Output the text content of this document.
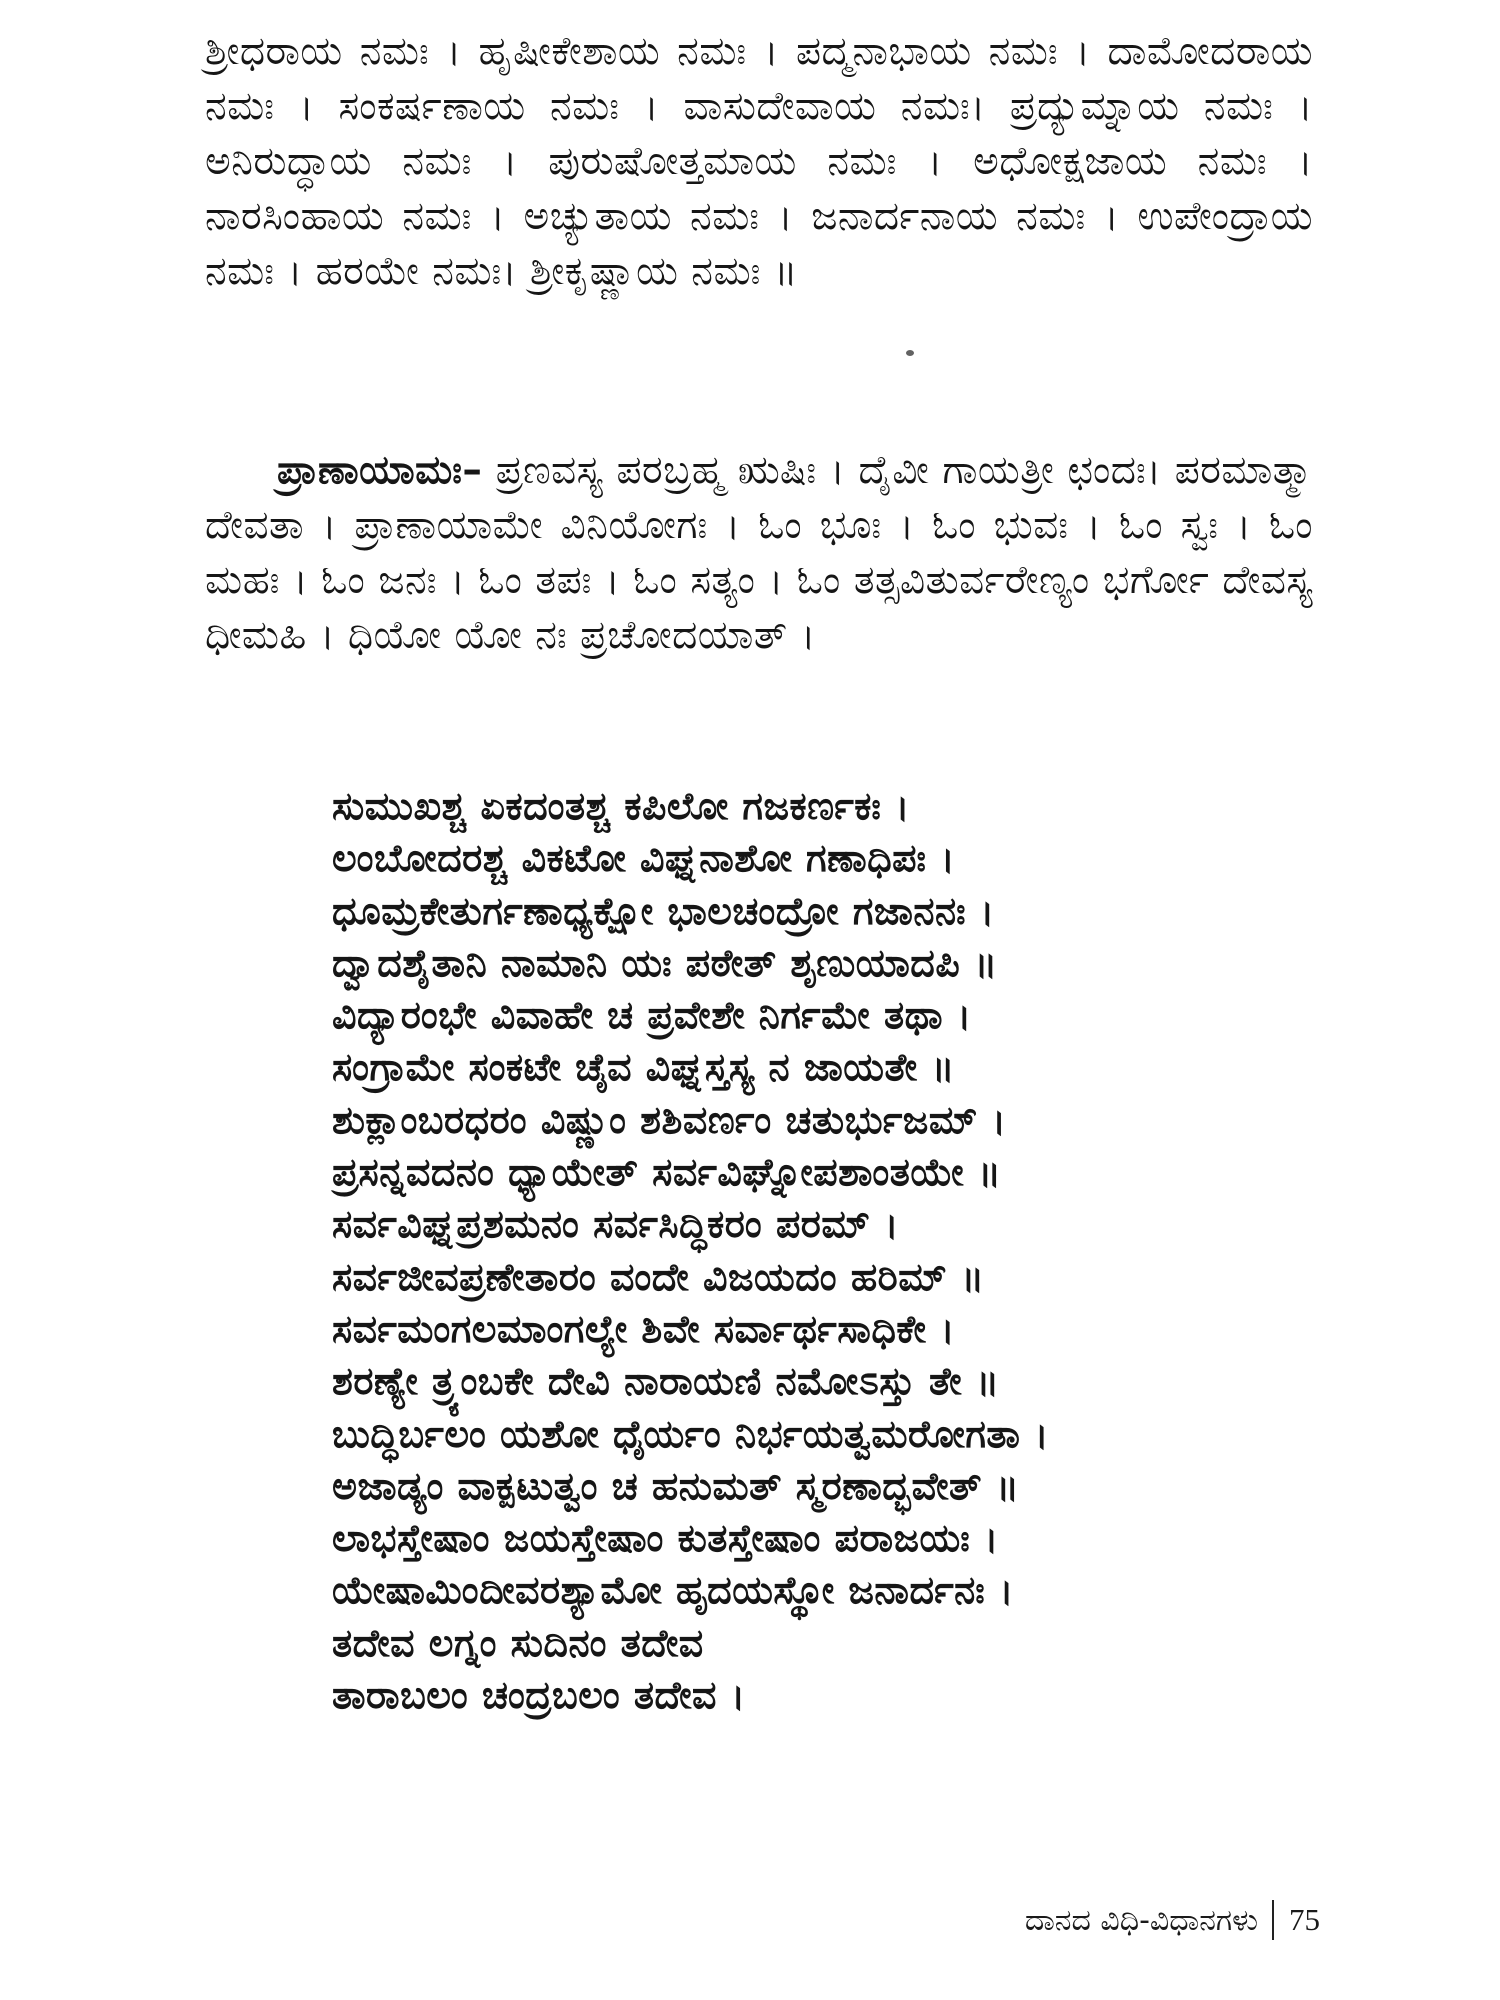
ಶ್ರೀಧರಾಯ ನಮಃ । ಹೃಷೀಕೇಶಾಯ ನಮಃ । ಪದ್ಮನಾಭಾಯ ನಮಃ । ದಾಮೋದರಾಯ ನಮಃ । ಸಂಕರ್ಷಣಾಯ ನಮಃ । ವಾಸುದೇವಾಯ ನಮಃ। ಪ್ರದ್ಯುಮ್ನಾಯ ನಮಃ । ಅನಿರುದ್ಧಾಯ ನಮಃ । ಪುರುಷೋತ್ತಮಾಯ ನಮಃ । ಅಧೋಕ್ಷಜಾಯ ನಮಃ । ನಾರಸಿಂಹಾಯ ನಮಃ । ಅಚ್ಯುತಾಯ ನಮಃ । ಜನಾರ್ದನಾಯ ನಮಃ । ಉಪೇಂದ್ರಾಯ ನಮಃ । ಹರಯೇ ನಮಃ। ಶ್ರೀಕೃಷ್ಣಾಯ ನಮಃ ॥

ಪ್ರಾಣಾಯಾಮಃ– ಪ್ರಣವಸ್ಯ ಪರಬ್ರಹ್ಮ ಋಷಿಃ । ದೈವೀ ಗಾಯತ್ರೀ ಛಂದಃ। ಪರಮಾತ್ಮಾ ದೇವತಾ । ಪ್ರಾಣಾಯಾಮೇ ವಿನಿಯೋಗಃ । ಓಂ ಭೂಃ । ಓಂ ಭುವಃ । ಓಂ ಸ್ವಃ । ಓಂ ಮಹಃ । ಓಂ ಜನಃ । ಓಂ ತಪಃ । ಓಂ ಸತ್ಯಂ । ಓಂ ತತ್ಸವಿತುರ್ವರೇಣ್ಯಂ ಭರ್ಗೋ ದೇವಸ್ಯ ಧೀಮಹಿ । ಧಿಯೋ ಯೋ ನಃ ಪ್ರಚೋದಯಾತ್ ।

ಸುಮುಖಶ್ಚ ಏಕದಂತಶ್ಚ ಕಪಿಲೋ ಗಜಕರ್ಣಕಃ ।
ಲಂಬೋದರಶ್ಚ ವಿಕಟೋ ವಿಘ್ನನಾಶೋ ಗಣಾಧಿಪಃ ।
ಧೂಮ್ರಕೇತುರ್ಗಣಾಧ್ಯಕ್ಷೋ ಭಾಲಚಂದ್ರೋ ಗಜಾನನಃ ।
ದ್ವಾದಶೈತಾನಿ ನಾಮಾನಿ ಯಃ ಪಠೇತ್ ಶೃಣುಯಾದಪಿ ॥
ವಿದ್ಯಾರಂಭೇ ವಿವಾಹೇ ಚ ಪ್ರವೇಶೇ ನಿರ್ಗಮೇ ತಥಾ ।
ಸಂಗ್ರಾಮೇ ಸಂಕಟೇ ಚೈವ ವಿಘ್ನಸ್ತಸ್ಯ ನ ಜಾಯತೇ ॥
ಶುಕ್ಲಾಂಬರಧರಂ ವಿಷ್ಣುಂ ಶಶಿವರ್ಣಂ ಚತುರ್ಭುಜಮ್ ।
ಪ್ರಸನ್ನವದನಂ ಧ್ಯಾಯೇತ್ ಸರ್ವವಿಘ್ನೋಪಶಾಂತಯೇ ॥
ಸರ್ವವಿಘ್ನಪ್ರಶಮನಂ ಸರ್ವಸಿದ್ಧಿಕರಂ ಪರಮ್ ।
ಸರ್ವಜೀವಪ್ರಣೇತಾರಂ ವಂದೇ ವಿಜಯದಂ ಹರಿಮ್ ॥
ಸರ್ವಮಂಗಲಮಾಂಗಲ್ಯೇ ಶಿವೇ ಸರ್ವಾರ್ಥಸಾಧಿಕೇ ।
ಶರಣ್ಯೇ ತ್ರ್ಯಂಬಕೇ ದೇವಿ ನಾರಾಯಣಿ ನಮೋಽಸ್ತು ತೇ ॥
ಬುದ್ಧಿರ್ಬಲಂ ಯಶೋ ಧೈರ್ಯಂ ನಿರ್ಭಯತ್ವಮರೋಗತಾ ।
ಅಜಾಡ್ಯಂ ವಾಕ್ಪಟುತ್ವಂ ಚ ಹನುಮತ್ ಸ್ಮರಣಾದ್ಭವೇತ್ ॥
ಲಾಭಸ್ತೇಷಾಂ ಜಯಸ್ತೇಷಾಂ ಕುತಸ್ತೇಷಾಂ ಪರಾಜಯಃ ।
ಯೇಷಾಮಿಂದೀವರಶ್ಯಾಮೋ ಹೃದಯಸ್ಥೋ ಜನಾರ್ದನಃ ।
ತದೇವ ಲಗ್ನಂ ಸುದಿನಂ ತದೇವ
ತಾರಾಬಲಂ ಚಂದ್ರಬಲಂ ತದೇವ ।
ದಾನದ ವಿಧಿ-ವಿಧಾನಗಳು 75
